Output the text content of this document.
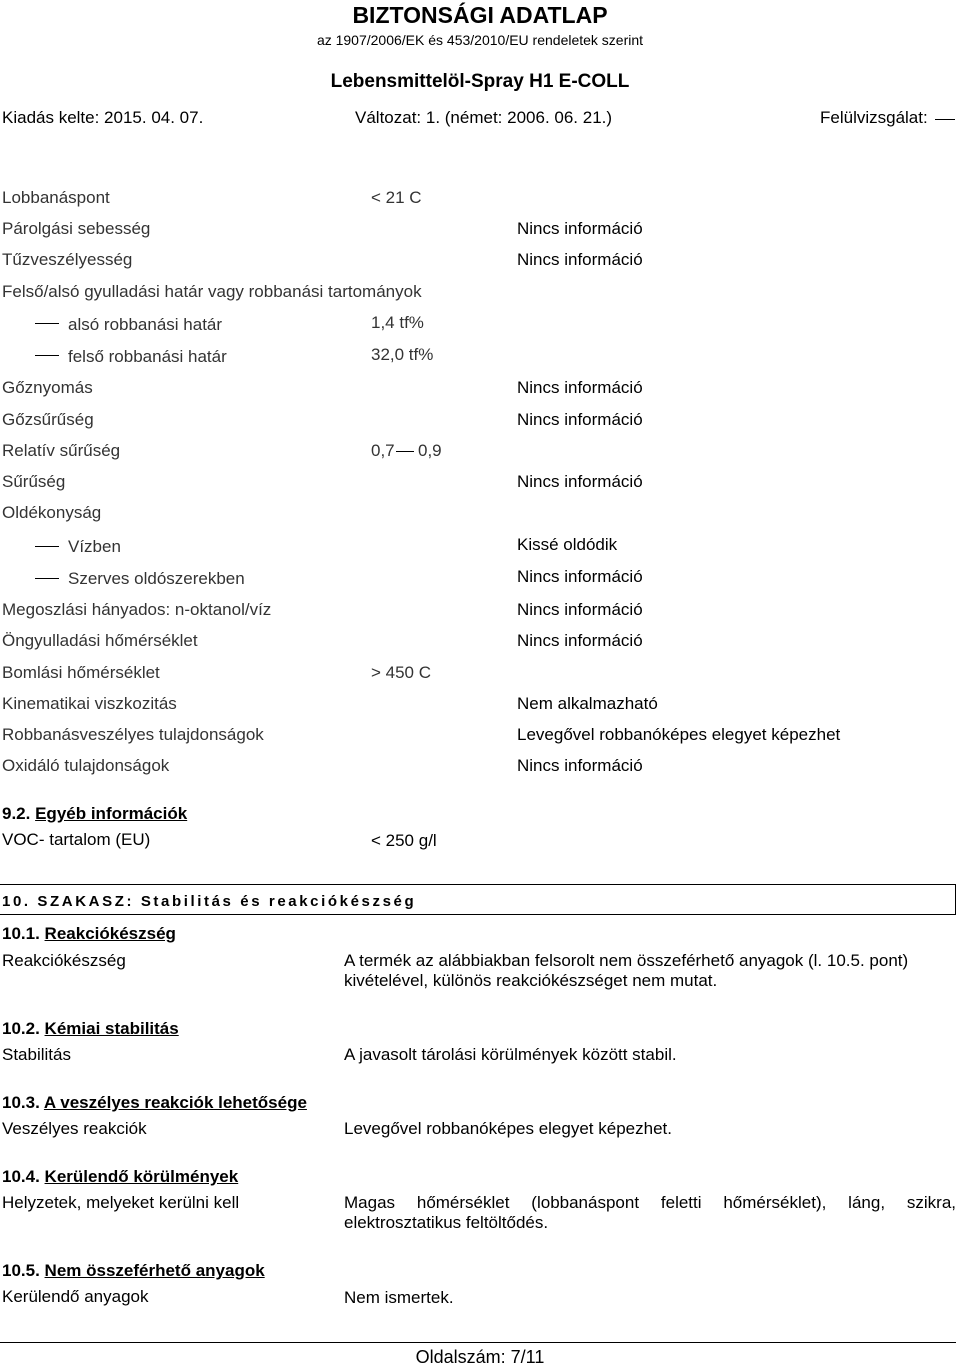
BIZTONSÁGI ADATLAP
az 1907/2006/EK és 453/2010/EU rendeletek szerint
Lebensmittelöl-Spray H1 E-COLL
Kiadás kelte: 2015. 04. 07.	Változat: 1. (német: 2006. 06. 21.)	Felülvizsgálat:
Lobbanáspont	< 21 C
Párolgási sebesség	Nincs információ
Tűzveszélyesség	Nincs információ
Felső/alsó gyulladási határ vagy robbanási tartományok
alsó robbanási határ	1,4 tf%
felső robbanási határ	32,0 tf%
Gőznyomás	Nincs információ
Gőzsűrűség	Nincs információ
Relatív sűrűség	0,7 0,9
Sűrűség	Nincs információ
Oldékonyság
Vízben	Kissé oldódik
Szerves oldószerekben	Nincs információ
Megoszlási hányados: n-oktanol/víz	Nincs információ
Öngyulladási hőmérséklet	Nincs információ
Bomlási hőmérséklet	> 450 C
Kinematikai viszkozitás	Nem alkalmazható
Robbanásveszélyes tulajdonságok	Levegővel robbanóképes elegyet képezhet
Oxidáló tulajdonságok	Nincs információ
9.2. Egyéb információk
VOC- tartalom (EU)	< 250 g/l
10. SZAKASZ: Stabilitás és reakciókészség
10.1. Reakciókészség
Reakciókészség	A termék az alábbiakban felsorolt nem összeférhető anyagok (l. 10.5. pont) kivételével, különös reakciókészséget nem mutat.
10.2. Kémiai stabilitás
Stabilitás	A javasolt tárolási körülmények között stabil.
10.3. A veszélyes reakciók lehetősége
Veszélyes reakciók	Levegővel robbanóképes elegyet képezhet.
10.4. Kerülendő körülmények
Helyzetek, melyeket kerülni kell	Magas hőmérséklet (lobbanáspont feletti hőmérséklet), láng, szikra, elektrosztatikus feltöltődés.
10.5. Nem összeférhető anyagok
Kerülendő anyagok	Nem ismertek.
Oldalszám: 7/11
